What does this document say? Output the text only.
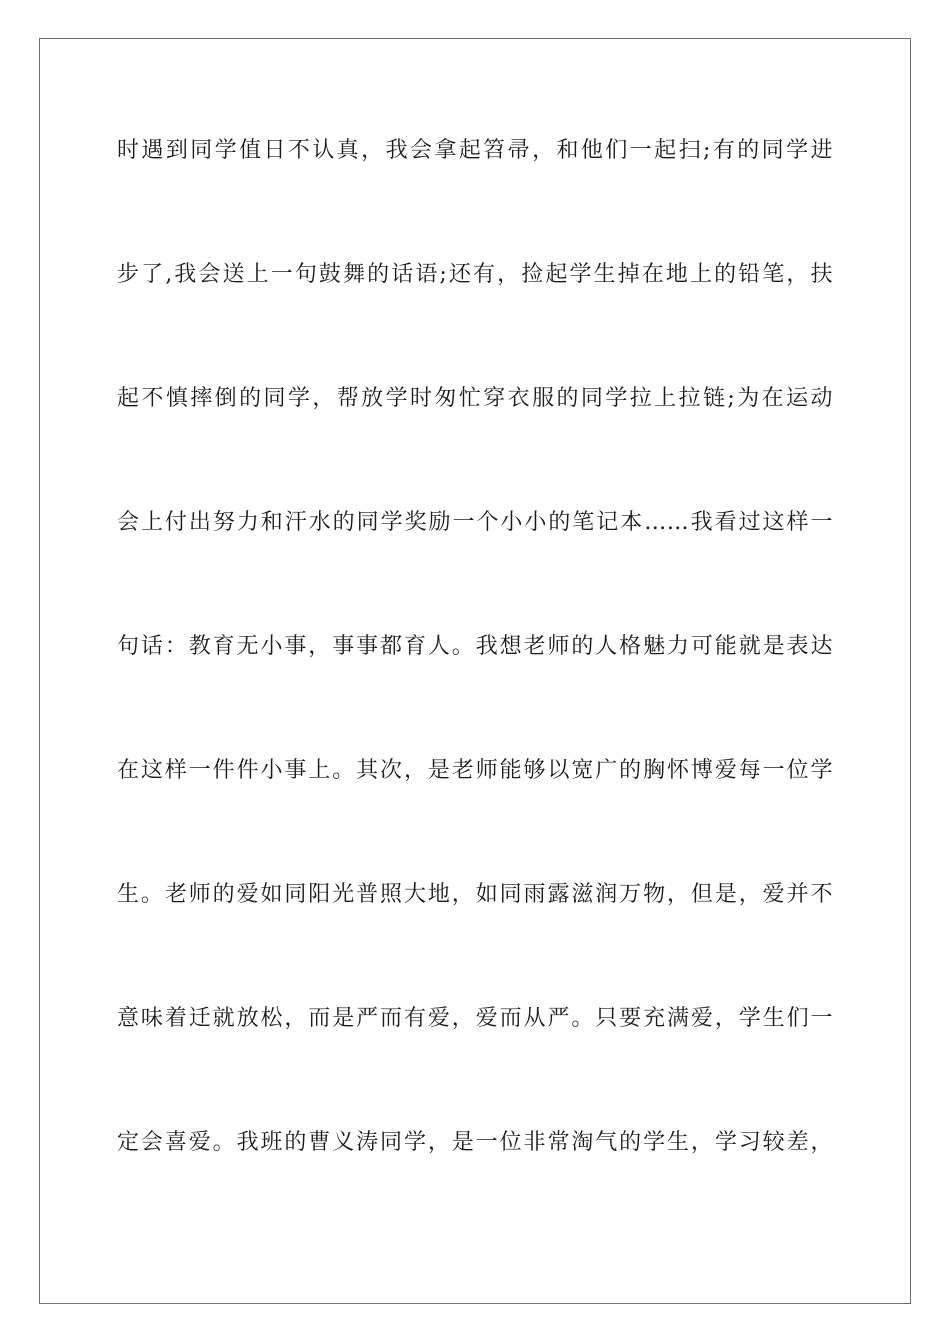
时遇到同学值日不认真，我会拿起笤帚，和他们一起扫;有的同学进
步了,我会送上一句鼓舞的话语;还有，捡起学生掉在地上的铅笔，扶
起不慎摔倒的同学，帮放学时匆忙穿衣服的同学拉上拉链;为在运动
会上付出努力和汗水的同学奖励一个小小的笔记本……我看过这样一
句话：教育无小事，事事都育人。我想老师的人格魅力可能就是表达
在这样一件件小事上。其次，是老师能够以宽广的胸怀博爱每一位学
生。老师的爱如同阳光普照大地，如同雨露滋润万物，但是，爱并不
意味着迁就放松，而是严而有爱，爱而从严。只要充满爱，学生们一
定会喜爱。我班的曹义涛同学，是一位非常淘气的学生，学习较差，
